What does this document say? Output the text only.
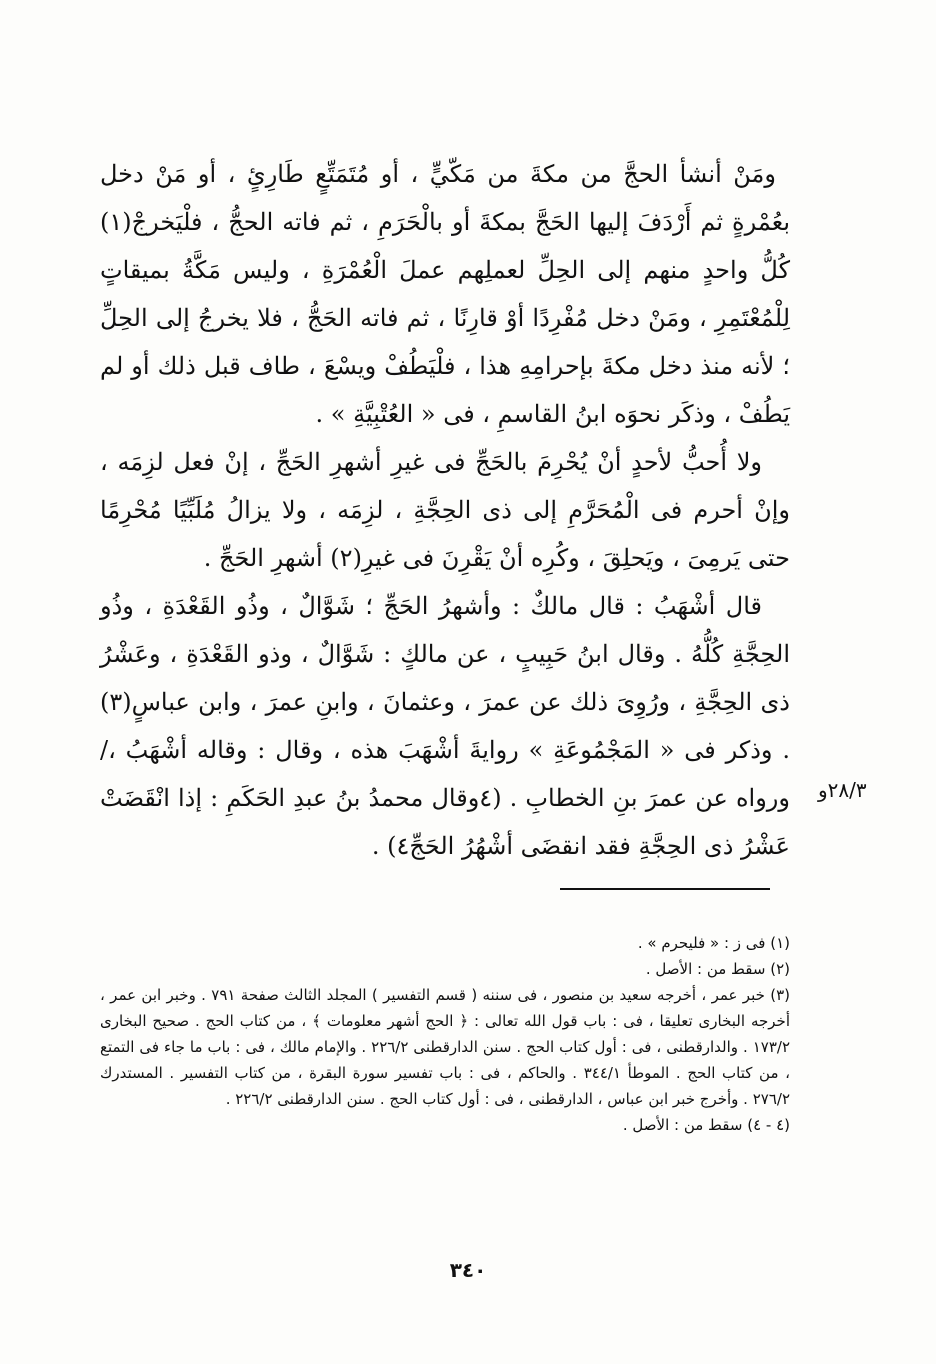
ومَنْ أنشأ الحجَّ من مكةَ من مَكّيٍّ ، أو مُتَمَتِّعٍ طَارِئٍ ، أو مَنْ دخل بعُمْرةٍ ثم أَرْدَفَ إليها الحَجَّ بمكةَ أو بالْحَرَمِ ، ثم فاته الحجُّ ، فلْيَخرجْ(١) كُلُّ واحدٍ منهم إلى الحِلِّ لعملِهم عملَ الْعُمْرَةِ ، وليس مَكَّةُ بميقاتٍ لِلْمُعْتَمِرِ ، ومَنْ دخل مُفْرِدًا أوْ قارِنًا ، ثم فاته الحَجُّ ، فلا يخرجُ إلى الحِلِّ ؛ لأنه منذ دخل مكةَ بإحرامِهِ هذا ، فلْيَطُفْ ويسْعَ ، طاف قبل ذلك أو لم يَطُفْ ، وذكَر نحوَه ابنُ القاسمِ ، فى « العُتْبِيَّةِ » .

ولا أُحبُّ لأحدٍ أنْ يُحْرِمَ بالحَجِّ فى غيرِ أشهرِ الحَجِّ ، إنْ فعل لزِمَه ، وإنْ أحرم فى الْمُحَرَّمِ إلى ذى الحِجَّةِ ، لزِمَه ، ولا يزالُ مُلَبِّيًا مُحْرِمًا حتى يَرمِىَ ، ويَحلِقَ ، وكُرِه أنْ يَقْرِنَ فى غيرِ(٢) أشهرِ الحَجِّ .

قال أشْهَبُ : قال مالكٌ : وأشهرُ الحَجِّ ؛ شَوَّالٌ ، وذُو القَعْدَةِ ، وذُو الحِجَّةِ كُلُّهُ . وقال ابنُ حَبِيبٍ ، عن مالكٍ : شَوَّالٌ ، وذو القَعْدَةِ ، وعَشْرُ ذى الحِجَّةِ ، ورُوِىَ ذلك عن عمرَ ، وعثمانَ ، وابنِ عمرَ ، وابن عباسٍ(٣) . وذكر فى « المَجْمُوعَةِ » روايةَ أشْهَبَ هذه ، وقال : وقاله أشْهَبُ ،/ ورواه عن عمرَ بنِ الخطابِ . (٤وقال محمدُ بنُ عبدِ الحَكَمِ : إذا انْقَضَتْ عَشْرُ ذى الحِجَّةِ فقد انقضَى أشْهُرُ الحَجِّ٤) .

٢٨/٣و
(١) فى ز : « فليحرم » .
(٢) سقط من : الأصل .
(٣) خبر عمر ، أخرجه سعيد بن منصور ، فى سننه ( قسم التفسير ) المجلد الثالث صفحة ٧٩١ . وخبر ابن عمر ، أخرجه البخارى تعليقا ، فى : باب قول الله تعالى : ﴿ الحج أشهر معلومات ﴾ ، من كتاب الحج . صحيح البخارى ١٧٣/٢ . والدارقطنى ، فى : أول كتاب الحج . سنن الدارقطنى ٢٢٦/٢ . والإمام مالك ، فى : باب ما جاء فى التمتع ، من كتاب الحج . الموطأ ٣٤٤/١ . والحاكم ، فى : باب تفسير سورة البقرة ، من كتاب التفسير . المستدرك ٢٧٦/٢ . وأخرج خبر ابن عباس ، الدارقطنى ، فى : أول كتاب الحج . سنن الدارقطنى ٢٢٦/٢ .
(٤ - ٤) سقط من : الأصل .
٣٤٠
